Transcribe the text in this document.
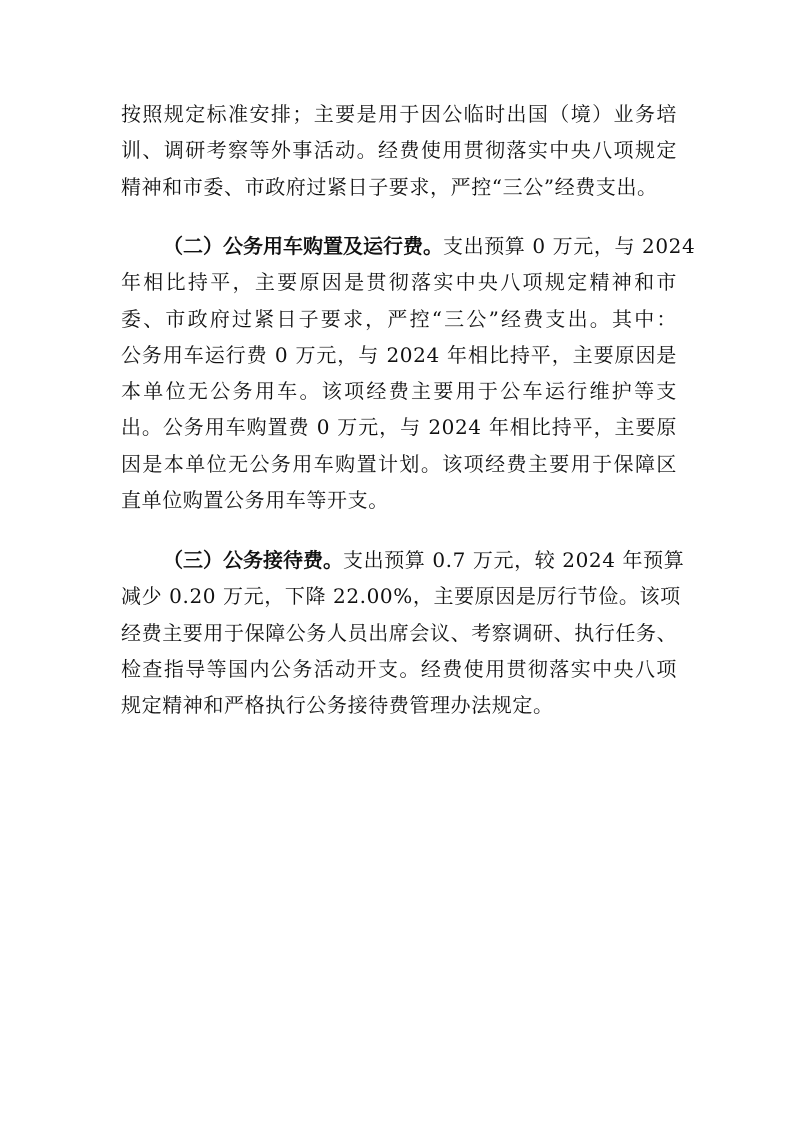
按照规定标准安排；主要是用于因公临时出国（境）业务培
训、调研考察等外事活动。经费使用贯彻落实中央八项规定
精神和市委、市政府过紧日子要求，严控“三公”经费支出。
（二）公务用车购置及运行费。支出预算 0 万元，与 2024
年相比持平，主要原因是贯彻落实中央八项规定精神和市
委、市政府过紧日子要求，严控“三公”经费支出。其中：
公务用车运行费 0 万元，与 2024 年相比持平，主要原因是
本单位无公务用车。该项经费主要用于公车运行维护等支
出。公务用车购置费 0 万元，与 2024 年相比持平，主要原
因是本单位无公务用车购置计划。该项经费主要用于保障区
直单位购置公务用车等开支。
（三）公务接待费。支出预算 0.7 万元，较 2024 年预算
减少 0.20 万元，下降 22.00%，主要原因是厉行节俭。该项
经费主要用于保障公务人员出席会议、考察调研、执行任务、
检查指导等国内公务活动开支。经费使用贯彻落实中央八项
规定精神和严格执行公务接待费管理办法规定。
